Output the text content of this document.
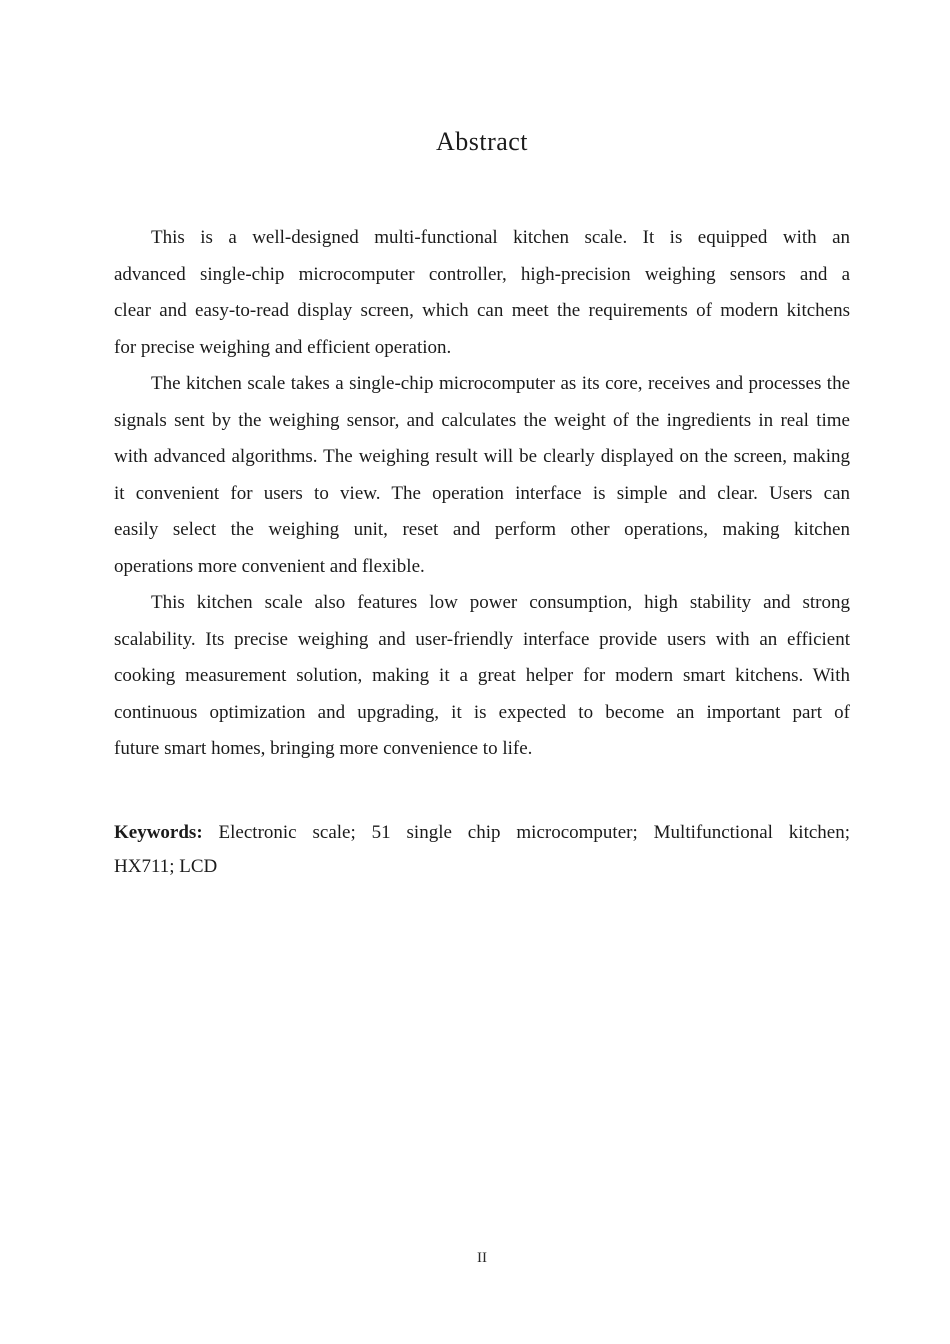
Abstract
This is a well-designed multi-functional kitchen scale. It is equipped with an
advanced single-chip microcomputer controller, high-precision weighing sensors and a
clear and easy-to-read display screen, which can meet the requirements of modern kitchens
for precise weighing and efficient operation.
The kitchen scale takes a single-chip microcomputer as its core, receives and processes the
signals sent by the weighing sensor, and calculates the weight of the ingredients in real time
with advanced algorithms. The weighing result will be clearly displayed on the screen, making
it convenient for users to view. The operation interface is simple and clear. Users can
easily select the weighing unit, reset and perform other operations, making kitchen
operations more convenient and flexible.
This kitchen scale also features low power consumption, high stability and strong
scalability. Its precise weighing and user-friendly interface provide users with an efficient
cooking measurement solution, making it a great helper for modern smart kitchens. With
continuous optimization and upgrading, it is expected to become an important part of
future smart homes, bringing more convenience to life.
Keywords: Electronic scale; 51 single chip microcomputer; Multifunctional kitchen;
HX711; LCD
II
